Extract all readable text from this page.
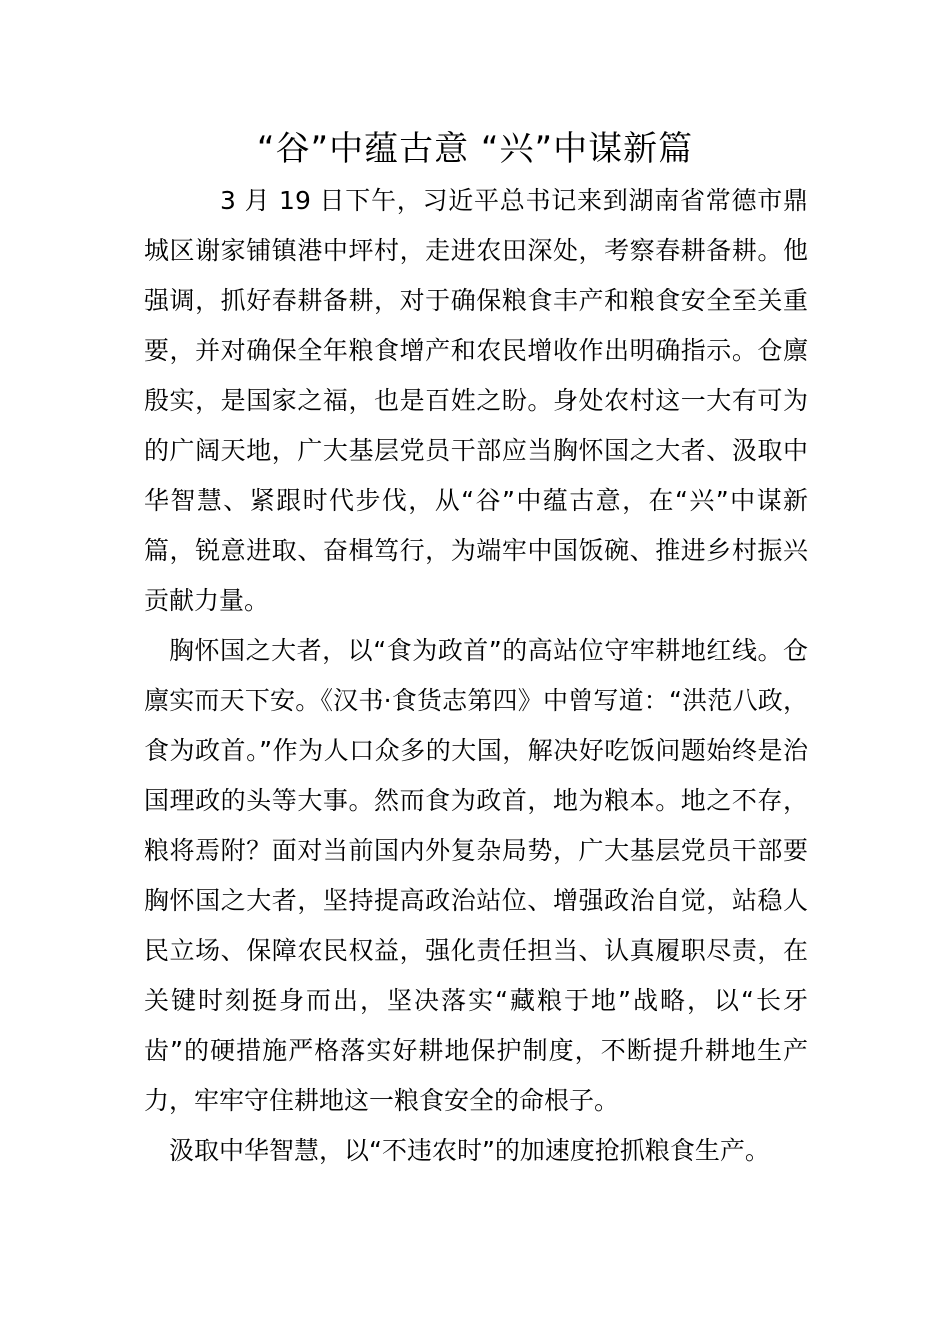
“谷”中蕴古意 “兴”中谋新篇

3 月 19 日下午，习近平总书记来到湖南省常德市鼎城区谢家铺镇港中坪村，走进农田深处，考察春耕备耕。他强调，抓好春耕备耕，对于确保粮食丰产和粮食安全至关重要，并对确保全年粮食增产和农民增收作出明确指示。仓廪殷实，是国家之福，也是百姓之盼。身处农村这一大有可为的广阔天地，广大基层党员干部应当胸怀国之大者、汲取中华智慧、紧跟时代步伐，从“谷”中蕴古意，在“兴”中谋新篇，锐意进取、奋楫笃行，为端牢中国饭碗、推进乡村振兴贡献力量。

胸怀国之大者，以“食为政首”的高站位守牢耕地红线。仓廪实而天下安。《汉书·食货志第四》中曾写道：“洪范八政，食为政首。”作为人口众多的大国，解决好吃饭问题始终是治国理政的头等大事。然而食为政首，地为粮本。地之不存，粮将焉附？面对当前国内外复杂局势，广大基层党员干部要胸怀国之大者，坚持提高政治站位、增强政治自觉，站稳人民立场、保障农民权益，强化责任担当、认真履职尽责，在关键时刻挺身而出，坚决落实“藏粮于地”战略，以“长牙齿”的硬措施严格落实好耕地保护制度，不断提升耕地生产力，牢牢守住耕地这一粮食安全的命根子。

汲取中华智慧，以“不违农时”的加速度抢抓粮食生产。
